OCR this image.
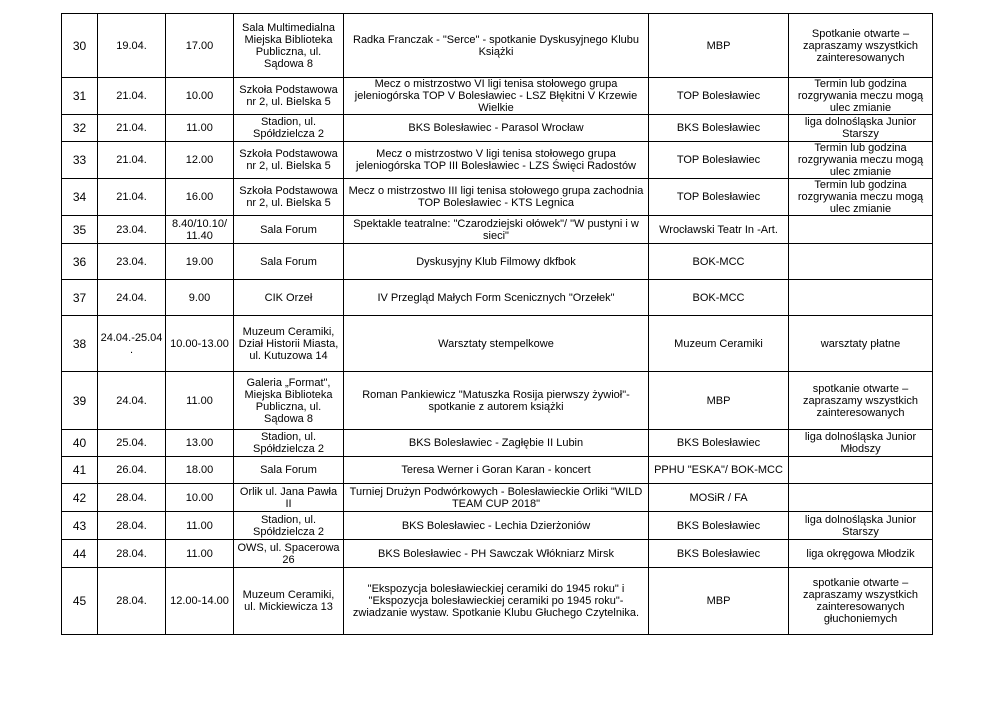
30	19.04.	17.00	Sala Multimedialna Miejska Biblioteka Publiczna, ul. Sądowa 8	Radka Franczak - "Serce" - spotkanie Dyskusyjnego Klubu Książki	MBP	Spotkanie otwarte – zapraszamy wszystkich zainteresowanych
31	21.04.	10.00	Szkoła Podstawowa nr 2, ul. Bielska 5	Mecz o mistrzostwo VI ligi tenisa stołowego grupa jeleniogórska TOP V Bolesławiec - LSZ Błękitni V Krzewie Wielkie	TOP Bolesławiec	Termin lub godzina rozgrywania meczu mogą ulec zmianie
32	21.04.	11.00	Stadion, ul. Spółdzielcza 2	BKS Bolesławiec - Parasol Wrocław	BKS Bolesławiec	liga dolnośląska Junior Starszy
33	21.04.	12.00	Szkoła Podstawowa nr 2, ul. Bielska 5	Mecz o mistrzostwo V ligi tenisa stołowego grupa jeleniogórska TOP III Bolesławiec - LZS Święci Radostów	TOP Bolesławiec	Termin lub godzina rozgrywania meczu mogą ulec zmianie
34	21.04.	16.00	Szkoła Podstawowa nr 2, ul. Bielska 5	Mecz o mistrzostwo III ligi tenisa stołowego grupa zachodnia TOP Bolesławiec - KTS Legnica	TOP Bolesławiec	Termin lub godzina rozgrywania meczu mogą ulec zmianie
35	23.04.	8.40/10.10/ 11.40	Sala Forum	Spektakle teatralne: "Czarodziejski ołówek"/ "W pustyni i w sieci"	Wrocławski Teatr In -Art.	
36	23.04.	19.00	Sala Forum	Dyskusyjny Klub Filmowy dkfbok	BOK-MCC	
37	24.04.	9.00	CIK Orzeł	IV Przegląd Małych Form Scenicznych "Orzełek"	BOK-MCC	
38	24.04.-25.04.	10.00-13.00	Muzeum Ceramiki, Dział Historii Miasta, ul. Kutuzowa 14	Warsztaty stempelkowe	Muzeum Ceramiki	warsztaty płatne
39	24.04.	11.00	Galeria „Format", Miejska Biblioteka Publiczna, ul. Sądowa 8	Roman Pankiewicz "Matuszka Rosija pierwszy żywioł"- spotkanie z autorem książki	MBP	spotkanie otwarte – zapraszamy wszystkich zainteresowanych
40	25.04.	13.00	Stadion, ul. Spółdzielcza 2	BKS Bolesławiec - Zagłębie II Lubin	BKS Bolesławiec	liga dolnośląska Junior Młodszy
41	26.04.	18.00	Sala Forum	Teresa Werner i Goran Karan - koncert	PPHU "ESKA"/ BOK-MCC	
42	28.04.	10.00	Orlik ul. Jana Pawła II	Turniej Drużyn Podwórkowych - Bolesławieckie Orliki "WILD TEAM CUP 2018"	MOSiR / FA	
43	28.04.	11.00	Stadion, ul. Spółdzielcza 2	BKS Bolesławiec - Lechia Dzierżoniów	BKS Bolesławiec	liga dolnośląska Junior Starszy
44	28.04.	11.00	OWS, ul. Spacerowa 26	BKS Bolesławiec - PH Sawczak Włókniarz Mirsk	BKS Bolesławiec	liga okręgowa Młodzik
45	28.04.	12.00-14.00	Muzeum Ceramiki, ul. Mickiewicza 13	"Ekspozycja bolesławieckiej ceramiki do 1945 roku" i "Ekspozycja bolesławieckiej ceramiki po 1945 roku"- zwiadzanie wystaw. Spotkanie Klubu Głuchego Czytelnika.	MBP	spotkanie otwarte – zapraszamy wszystkich zainteresowanych głuchoniemych
